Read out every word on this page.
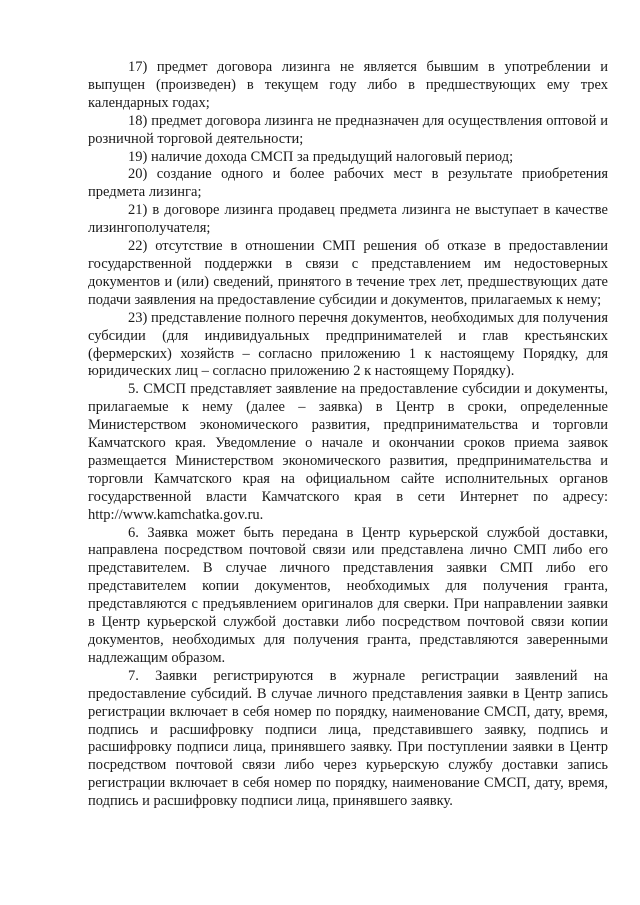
17) предмет договора лизинга не является бывшим в употреблении и выпущен (произведен) в текущем году либо в предшествующих ему трех календарных годах;

18) предмет договора лизинга не предназначен для осуществления оптовой и розничной торговой деятельности;

19) наличие дохода СМСП за предыдущий налоговый период;

20) создание одного и более рабочих мест в результате приобретения предмета лизинга;

21) в договоре лизинга продавец предмета лизинга не выступает в качестве лизингополучателя;

22) отсутствие в отношении СМП решения об отказе в предоставлении государственной поддержки в связи с представлением им недостоверных документов и (или) сведений, принятого в течение трех лет, предшествующих дате подачи заявления на предоставление субсидии и документов, прилагаемых к нему;

23) представление полного перечня документов, необходимых для получения субсидии (для индивидуальных предпринимателей и глав крестьянских (фермерских) хозяйств – согласно приложению 1 к настоящему Порядку, для юридических лиц – согласно приложению 2 к настоящему Порядку).

5. СМСП представляет заявление на предоставление субсидии и документы, прилагаемые к нему (далее – заявка) в Центр в сроки, определенные Министерством экономического развития, предпринимательства и торговли Камчатского края. Уведомление о начале и окончании сроков приема заявок размещается Министерством экономического развития, предпринимательства и торговли Камчатского края на официальном сайте исполнительных органов государственной власти Камчатского края в сети Интернет по адресу: http://www.kamchatka.gov.ru.

6. Заявка может быть передана в Центр курьерской службой доставки, направлена посредством почтовой связи или представлена лично СМП либо его представителем. В случае личного представления заявки СМП либо его представителем копии документов, необходимых для получения гранта, представляются с предъявлением оригиналов для сверки. При направлении заявки в Центр курьерской службой доставки либо посредством почтовой связи копии документов, необходимых для получения гранта, представляются заверенными надлежащим образом.

7. Заявки регистрируются в журнале регистрации заявлений на предоставление субсидий. В случае личного представления заявки в Центр запись регистрации включает в себя номер по порядку, наименование СМСП, дату, время, подпись и расшифровку подписи лица, представившего заявку, подпись и расшифровку подписи лица, принявшего заявку. При поступлении заявки в Центр посредством почтовой связи либо через курьерскую службу доставки запись регистрации включает в себя номер по порядку, наименование СМСП, дату, время, подпись и расшифровку подписи лица, принявшего заявку.
